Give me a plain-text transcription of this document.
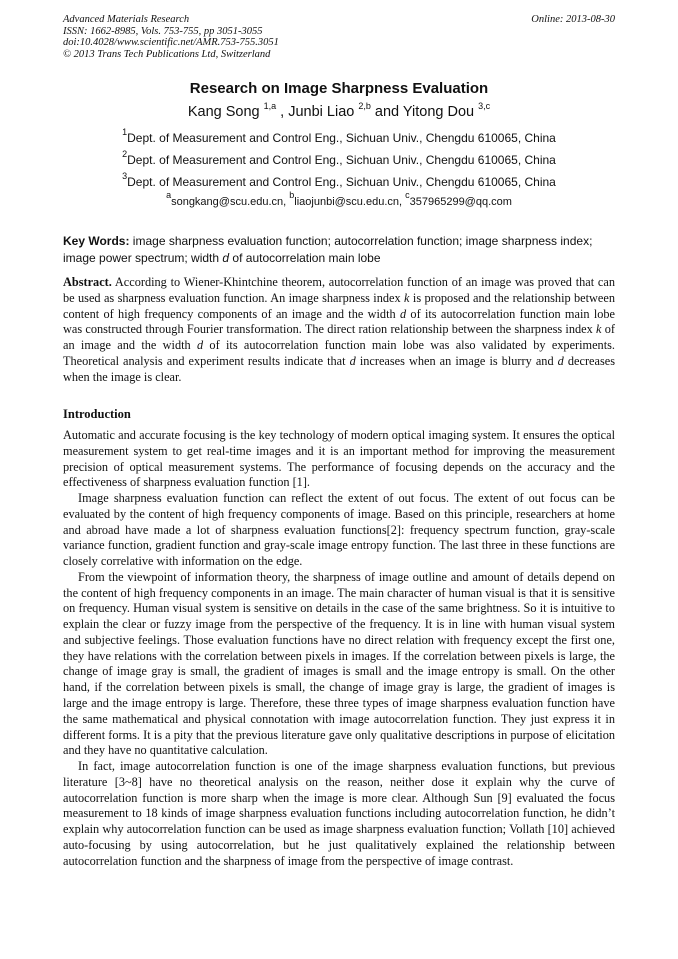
Advanced Materials Research
ISSN: 1662-8985, Vols. 753-755, pp 3051-3055
doi:10.4028/www.scientific.net/AMR.753-755.3051
© 2013 Trans Tech Publications Ltd, Switzerland
Online: 2013-08-30
Research on Image Sharpness Evaluation
Kang Song $^{1,a}$ , Junbi Liao $^{2,b}$ and Yitong Dou $^{3,c}$
$^1$Dept. of Measurement and Control Eng., Sichuan Univ., Chengdu 610065, China
$^2$Dept. of Measurement and Control Eng., Sichuan Univ., Chengdu 610065, China
$^3$Dept. of Measurement and Control Eng., Sichuan Univ., Chengdu 610065, China
$^a$songkang@scu.edu.cn, $^b$liaojunbi@scu.edu.cn, $^c$357965299@qq.com
Key Words: image sharpness evaluation function; autocorrelation function; image sharpness index; image power spectrum; width d of autocorrelation main lobe

Abstract. According to Wiener-Khintchine theorem, autocorrelation function of an image was proved that can be used as sharpness evaluation function. An image sharpness index k is proposed and the relationship between content of high frequency components of an image and the width d of its autocorrelation function main lobe was constructed through Fourier transformation. The direct ration relationship between the sharpness index k of an image and the width d of its autocorrelation function main lobe was also validated by experiments. Theoretical analysis and experiment results indicate that d increases when an image is blurry and d decreases when the image is clear.

Introduction

Automatic and accurate focusing is the key technology of modern optical imaging system. It ensures the optical measurement system to get real-time images and it is an important method for improving the measurement precision of optical measurement systems. The performance of focusing depends on the accuracy and the effectiveness of sharpness evaluation function [1].

Image sharpness evaluation function can reflect the extent of out focus. The extent of out focus can be evaluated by the content of high frequency components of image. Based on this principle, researchers at home and abroad have made a lot of sharpness evaluation functions[2]: frequency spectrum function, gray-scale variance function, gradient function and gray-scale image entropy function. The last three in these functions are closely correlative with information on the edge.

From the viewpoint of information theory, the sharpness of image outline and amount of details depend on the content of high frequency components in an image. The main character of human visual is that it is sensitive on frequency. Human visual system is sensitive on details in the case of the same brightness. So it is intuitive to explain the clear or fuzzy image from the perspective of the frequency. It is in line with human visual system and subjective feelings. Those evaluation functions have no direct relation with frequency except the first one, they have relations with the correlation between pixels in images. If the correlation between pixels is large, the change of image gray is small, the gradient of images is small and the image entropy is small. On the other hand, if the correlation between pixels is small, the change of image gray is large, the gradient of images is large and the image entropy is large. Therefore, these three types of image sharpness evaluation function have the same mathematical and physical connotation with image autocorrelation function. They just express it in different forms. It is a pity that the previous literature gave only qualitative descriptions in purpose of elicitation and they have no quantitative calculation.

In fact, image autocorrelation function is one of the image sharpness evaluation functions, but previous literature [3~8] have no theoretical analysis on the reason, neither dose it explain why the curve of autocorrelation function is more sharp when the image is more clear. Although Sun [9] evaluated the focus measurement to 18 kinds of image sharpness evaluation functions including autocorrelation function, he didn’t explain why autocorrelation function can be used as image sharpness evaluation function; Vollath [10] achieved auto-focusing by using autocorrelation, but he just qualitatively explained the relationship between autocorrelation function and the sharpness of image from the perspective of image contrast.
